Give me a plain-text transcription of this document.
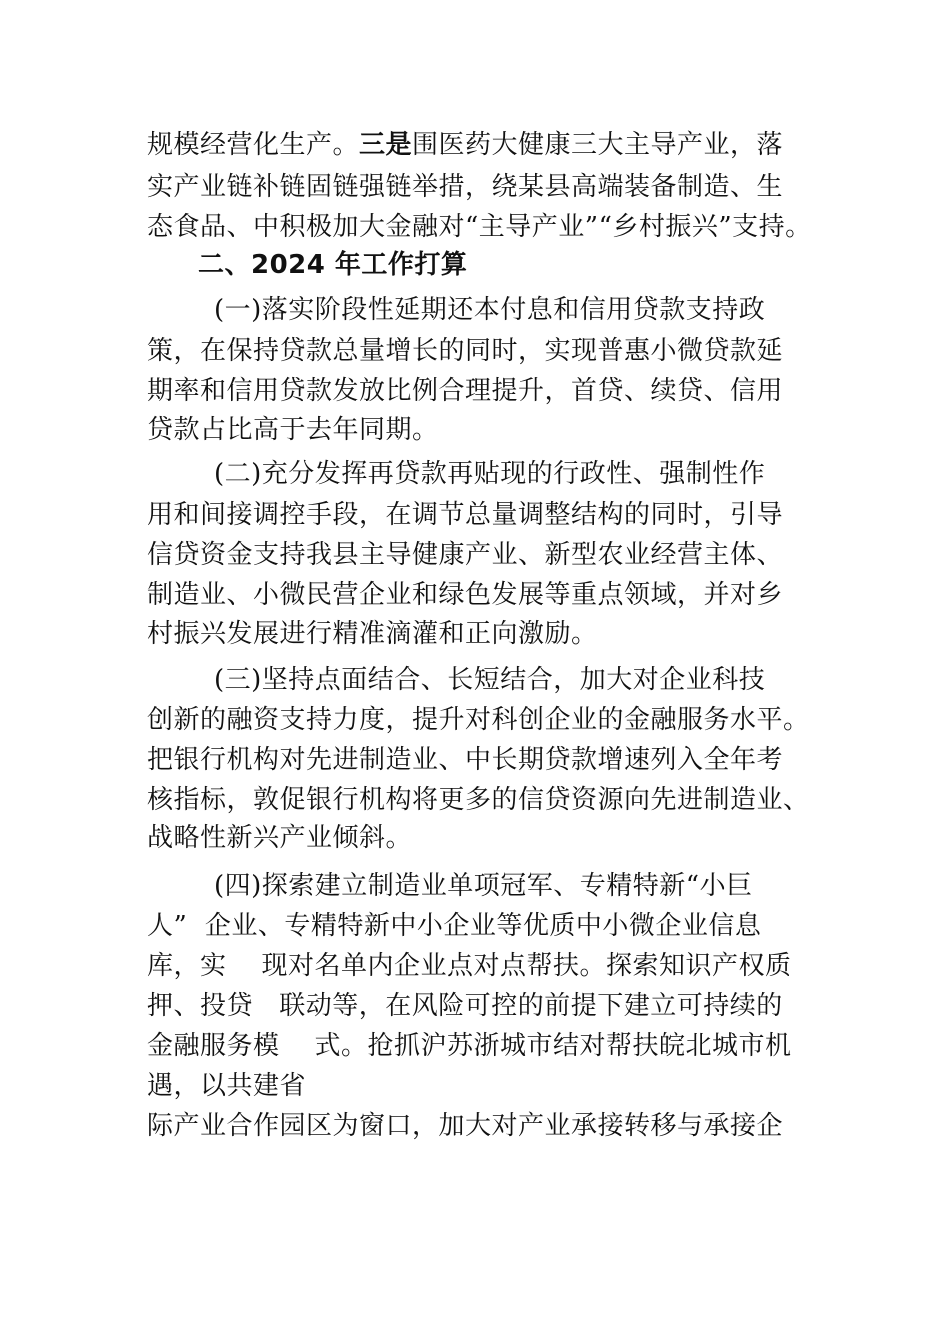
规模经营化生产。三是围医药大健康三大主导产业，落
实产业链补链固链强链举措，绕某县高端装备制造、生
态食品、中积极加大金融对“主导产业”“乡村振兴”支持。
二、2024 年工作打算
(一)落实阶段性延期还本付息和信用贷款支持政
策，在保持贷款总量增长的同时，实现普惠小微贷款延
期率和信用贷款发放比例合理提升，首贷、续贷、信用
贷款占比高于去年同期。
(二)充分发挥再贷款再贴现的行政性、强制性作
用和间接调控手段，在调节总量调整结构的同时，引导
信贷资金支持我县主导健康产业、新型农业经营主体、
制造业、小微民营企业和绿色发展等重点领域，并对乡
村振兴发展进行精准滴灌和正向激励。
(三)坚持点面结合、长短结合，加大对企业科技
创新的融资支持力度，提升对科创企业的金融服务水平。
把银行机构对先进制造业、中长期贷款增速列入全年考
核指标，敦促银行机构将更多的信贷资源向先进制造业、
战略性新兴产业倾斜。
(四)探索建立制造业单项冠军、专精特新“小巨
人”  企业、专精特新中小企业等优质中小微企业信息
库，实    现对名单内企业点对点帮扶。探索知识产权质
押、投贷   联动等，在风险可控的前提下建立可持续的
金融服务模    式。抢抓沪苏浙城市结对帮扶皖北城市机
遇，以共建省
际产业合作园区为窗口，加大对产业承接转移与承接企
